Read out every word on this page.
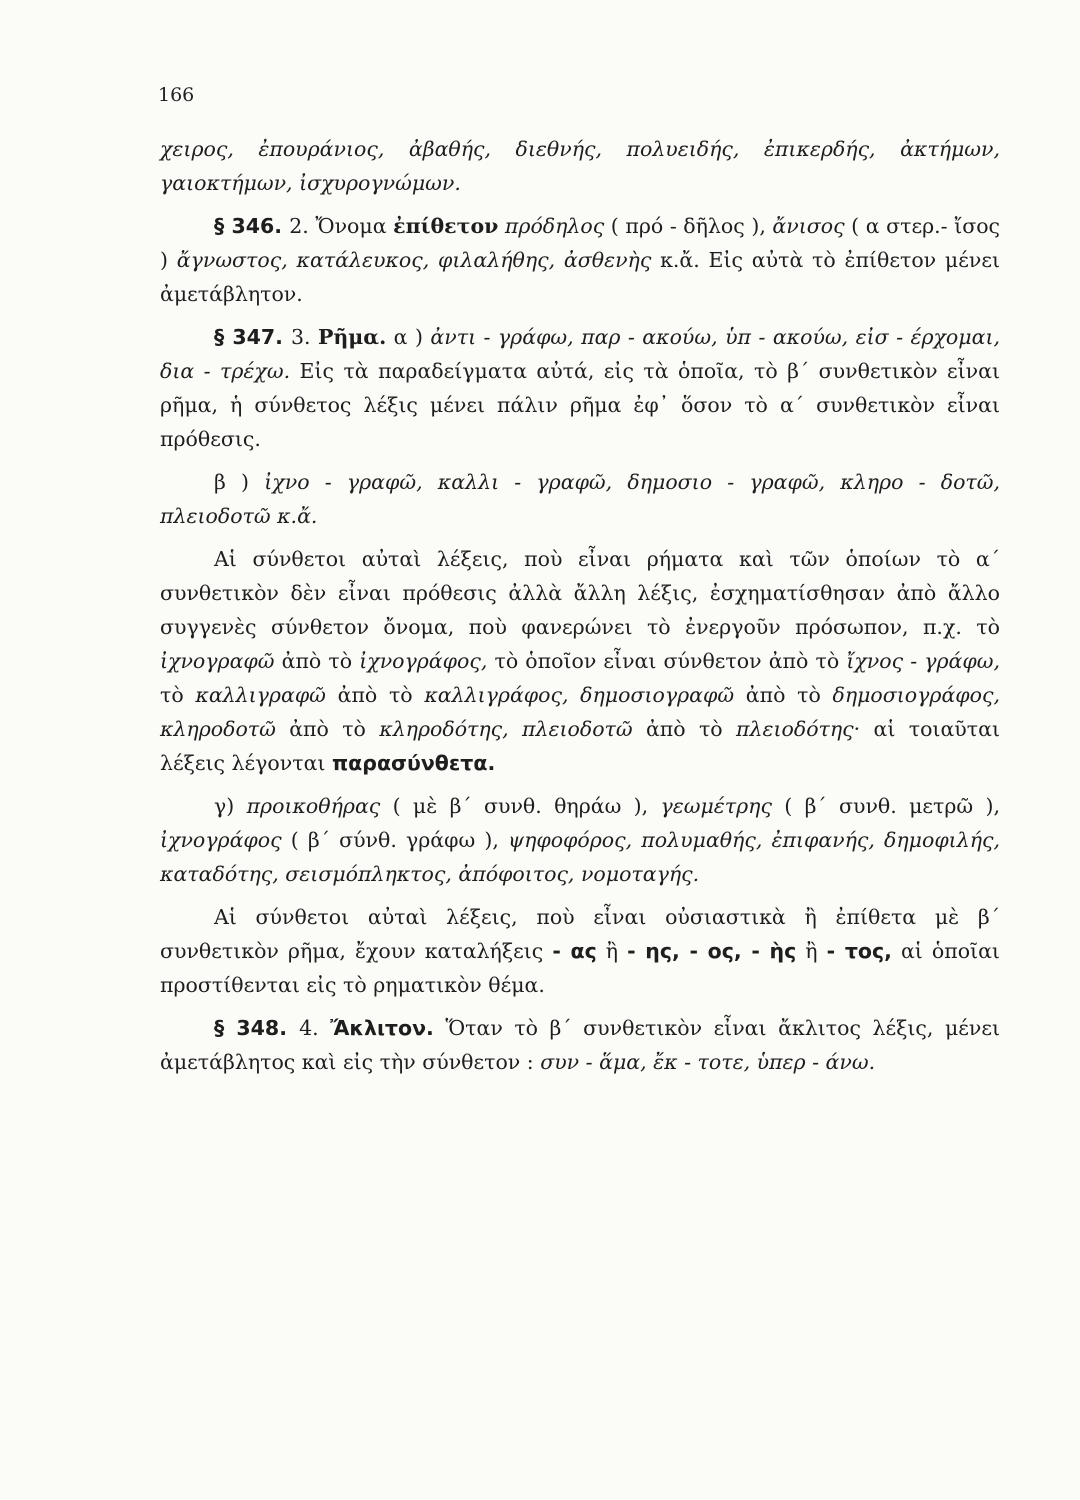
166

χειρος, ἐπουράνιος, ἀβαθής, διεθνής, πολυειδής, ἐπικερδής, ἀκτήμων, γαιοκτήμων, ἰσχυρογνώμων.

§ 346. 2. Ὄνομα ἐπίθετον πρόδηλος ( πρό - δῆλος ), ἄνισος ( α στερ.- ἴσος ) ἄγνωστος, κατάλευκος, φιλαλήθης, ἀσθενὴς κ.ἄ. Εἰς αὐτὰ τὸ ἐπίθετον μένει ἀμετάβλητον.

§ 347. 3. Ρῆμα. α ) ἀντι - γράφω, παρ - ακούω, ὑπ - ακούω, εἰσ - έρχομαι, δια - τρέχω. Εἰς τὰ παραδείγματα αὐτά, εἰς τὰ ὁποῖα, τὸ β΄ συνθετικὸν εἶναι ρῆμα, ἡ σύνθετος λέξις μένει πάλιν ρῆμα ἐφ᾽ ὅσον τὸ α΄ συνθετικὸν εἶναι πρόθεσις.

β ) ἰχνο - γραφῶ, καλλι - γραφῶ, δημοσιο - γραφῶ, κληρο - δοτῶ, πλειοδοτῶ κ.ἄ.

Αἱ σύνθετοι αὐταὶ λέξεις, ποὺ εἶναι ρήματα καὶ τῶν ὁποίων τὸ α΄ συνθετικὸν δὲν εἶναι πρόθεσις ἀλλὰ ἄλλη λέξις, ἐσχηματίσθησαν ἀπὸ ἄλλο συγγενὲς σύνθετον ὄνομα, ποὺ φανερώνει τὸ ἐνεργοῦν πρόσωπον, π.χ. τὸ ἰχνογραφῶ ἀπὸ τὸ ἰχνογράφος, τὸ ὁποῖον εἶναι σύνθετον ἀπὸ τὸ ἴχνος - γράφω, τὸ καλλιγραφῶ ἀπὸ τὸ καλλιγράφος, δημοσιογραφῶ ἀπὸ τὸ δημοσιογράφος, κληροδοτῶ ἀπὸ τὸ κληροδότης, πλειοδοτῶ ἀπὸ τὸ πλειοδότης· αἱ τοιαῦται λέξεις λέγονται παρασύνθετα.

γ) προικοθήρας ( μὲ β΄ συνθ. θηράω ), γεωμέτρης ( β΄ συνθ. μετρῶ ), ἰχνογράφος ( β΄ σύνθ. γράφω ), ψηφοφόρος, πολυμαθής, ἐπιφανής, δημοφιλής, καταδότης, σεισμόπληκτος, ἀπόφοιτος, νομοταγής.

Αἱ σύνθετοι αὐταὶ λέξεις, ποὺ εἶναι οὐσιαστικὰ ἢ ἐπίθετα μὲ β΄ συνθετικὸν ρῆμα, ἔχουν καταλήξεις - ας ἢ - ης, - ος, - ὴς ἢ - τος, αἱ ὁποῖαι προστίθενται εἰς τὸ ρηματικὸν θέμα.

§ 348. 4. Ἄκλιτον. Ὅταν τὸ β΄ συνθετικὸν εἶναι ἄκλιτος λέξις, μένει ἀμετάβλητος καὶ εἰς τὴν σύνθετον : συν - ἅμα, ἔκ - τοτε, ὑπερ - άνω.
